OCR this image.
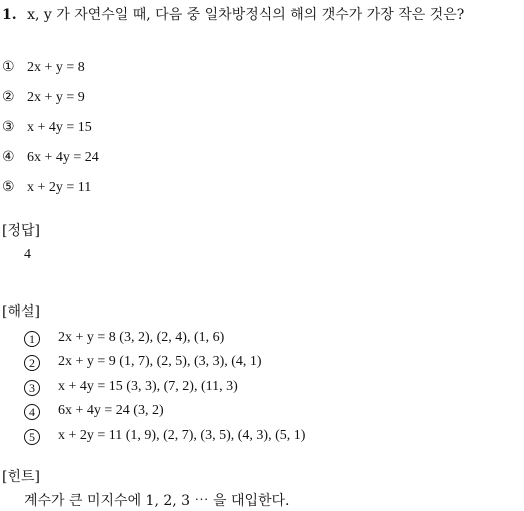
1. x, y 가 자연수일 때, 다음 중 일차방정식의 해의 갯수가 가장 작은 것은?
① 2x + y = 8
② 2x + y = 9
③ x + 4y = 15
④ 6x + 4y = 24
⑤ x + 2y = 11
[정답]
4
[해설]
1	2x + y = 8 (3, 2), (2, 4), (1, 6)
2	2x + y = 9 (1, 7), (2, 5), (3, 3), (4, 1)
3	x + 4y = 15 (3, 3), (7, 2), (11, 3)
4	6x + 4y = 24 (3, 2)
5	x + 2y = 11 (1, 9), (2, 7), (3, 5), (4, 3), (5, 1)
[힌트]
계수가 큰 미지수에 1, 2, 3 ⋯ 을 대입한다.
